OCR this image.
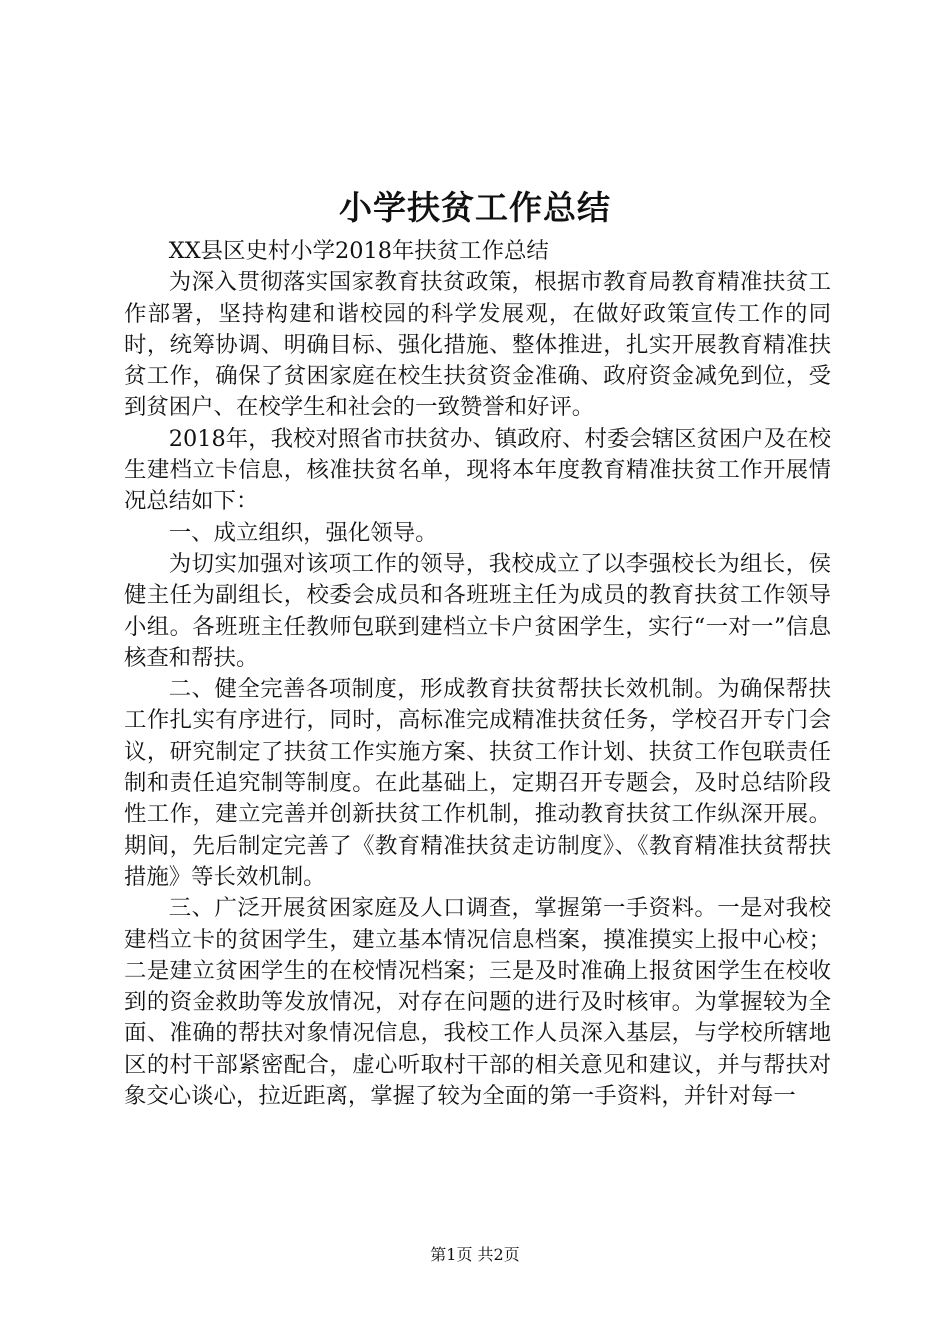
小学扶贫工作总结

XX县区史村小学2018年扶贫工作总结

为深入贯彻落实国家教育扶贫政策，根据市教育局教育精准扶贫工作部署，坚持构建和谐校园的科学发展观，在做好政策宣传工作的同时，统筹协调、明确目标、强化措施、整体推进，扎实开展教育精准扶贫工作，确保了贫困家庭在校生扶贫资金准确、政府资金减免到位，受到贫困户、在校学生和社会的一致赞誉和好评。

2018年，我校对照省市扶贫办、镇政府、村委会辖区贫困户及在校生建档立卡信息，核准扶贫名单，现将本年度教育精准扶贫工作开展情况总结如下：

一、成立组织，强化领导。

为切实加强对该项工作的领导，我校成立了以李强校长为组长，侯健主任为副组长，校委会成员和各班班主任为成员的教育扶贫工作领导小组。各班班主任教师包联到建档立卡户贫困学生，实行“一对一”信息核查和帮扶。

二、健全完善各项制度，形成教育扶贫帮扶长效机制。为确保帮扶工作扎实有序进行，同时，高标准完成精准扶贫任务，学校召开专门会议，研究制定了扶贫工作实施方案、扶贫工作计划、扶贫工作包联责任制和责任追究制等制度。在此基础上，定期召开专题会，及时总结阶段性工作，建立完善并创新扶贫工作机制，推动教育扶贫工作纵深开展。期间，先后制定完善了《教育精准扶贫走访制度》、《教育精准扶贫帮扶措施》等长效机制。

三、广泛开展贫困家庭及人口调查，掌握第一手资料。一是对我校建档立卡的贫困学生，建立基本情况信息档案，摸准摸实上报中心校；二是建立贫困学生的在校情况档案；三是及时准确上报贫困学生在校收到的资金救助等发放情况，对存在问题的进行及时核审。为掌握较为全面、准确的帮扶对象情况信息，我校工作人员深入基层，与学校所辖地区的村干部紧密配合，虚心听取村干部的相关意见和建议，并与帮扶对象交心谈心，拉近距离，掌握了较为全面的第一手资料，并针对每一

第1页 共2页
